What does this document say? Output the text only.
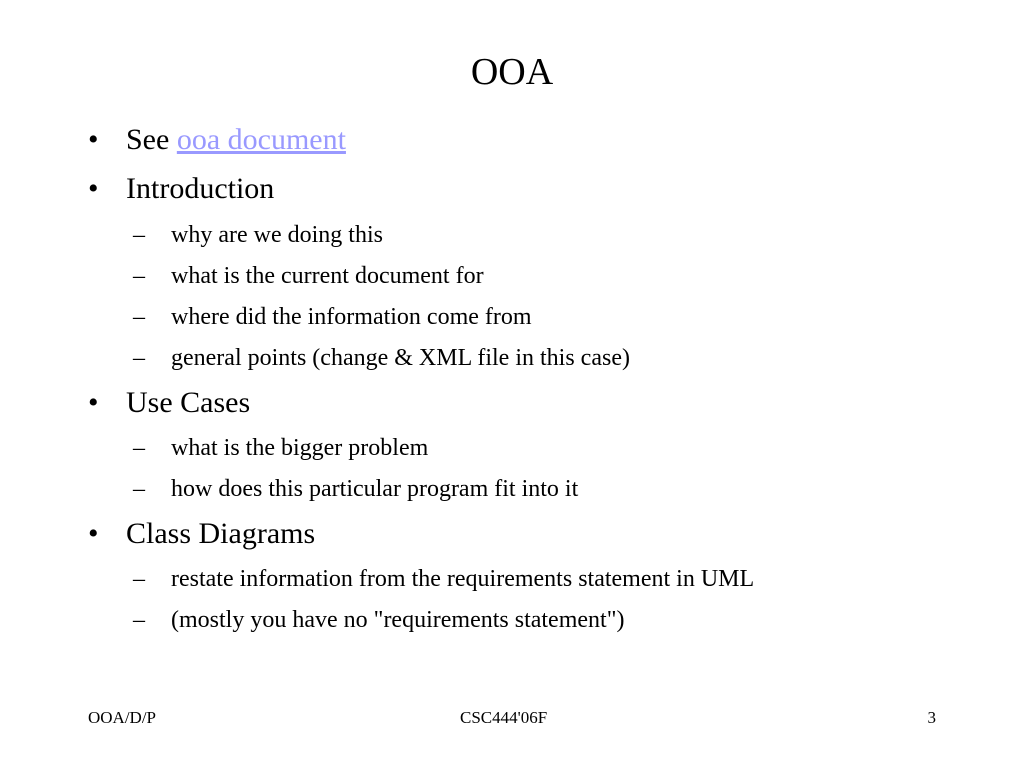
OOA
• See ooa document
• Introduction
– why are we doing this
– what is the current document for
– where did the information come from
– general points (change & XML file in this case)
• Use Cases
– what is the bigger problem
– how does this particular program fit into it
• Class Diagrams
– restate information from the requirements statement in UML
– (mostly you have no "requirements statement")
OOA/D/P	CSC444'06F	3
